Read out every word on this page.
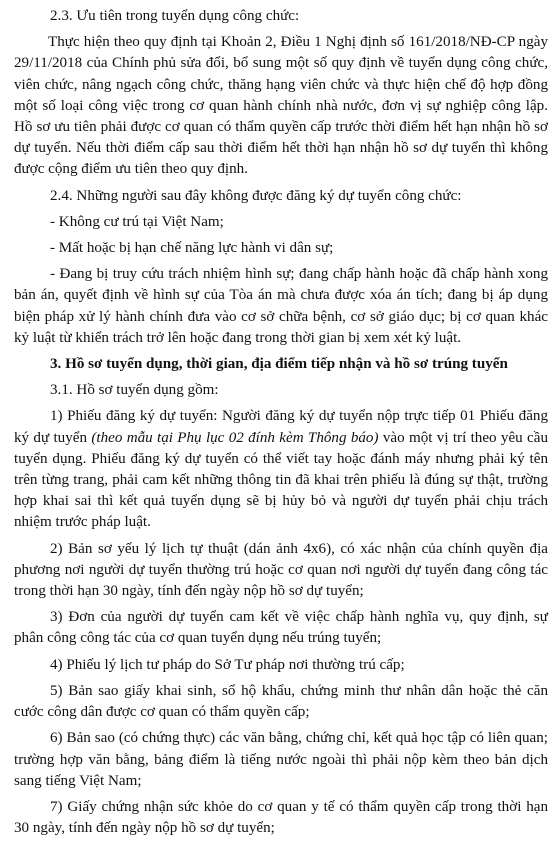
2.3. Ưu tiên trong tuyển dụng công chức:

Thực hiện theo quy định tại Khoản 2, Điều 1 Nghị định số 161/2018/NĐ-CP ngày 29/11/2018 của Chính phủ sửa đổi, bổ sung một số quy định về tuyển dụng công chức, viên chức, nâng ngạch công chức, thăng hạng viên chức và thực hiện chế độ hợp đồng một số loại công việc trong cơ quan hành chính nhà nước, đơn vị sự nghiệp công lập. Hồ sơ ưu tiên phải được cơ quan có thẩm quyền cấp trước thời điểm hết hạn nhận hồ sơ dự tuyển. Nếu thời điểm cấp sau thời điểm hết thời hạn nhận hồ sơ dự tuyển thì không được cộng điểm ưu tiên theo quy định.

2.4. Những người sau đây không được đăng ký dự tuyển công chức:

- Không cư trú tại Việt Nam;

- Mất hoặc bị hạn chế năng lực hành vi dân sự;

- Đang bị truy cứu trách nhiệm hình sự; đang chấp hành hoặc đã chấp hành xong bản án, quyết định về hình sự của Tòa án mà chưa được xóa án tích; đang bị áp dụng biện pháp xử lý hành chính đưa vào cơ sở chữa bệnh, cơ sở giáo dục; bị cơ quan khác kỷ luật từ khiển trách trở lên hoặc đang trong thời gian bị xem xét kỷ luật.

3. Hồ sơ tuyển dụng, thời gian, địa điểm tiếp nhận và hồ sơ trúng tuyển

3.1. Hồ sơ tuyển dụng gồm:

1) Phiếu đăng ký dự tuyển: Người đăng ký dự tuyển nộp trực tiếp 01 Phiếu đăng ký dự tuyển (theo mẫu tại Phụ lục 02 đính kèm Thông báo) vào một vị trí theo yêu cầu tuyển dụng. Phiếu đăng ký dự tuyển có thể viết tay hoặc đánh máy nhưng phải ký tên trên từng trang, phải cam kết những thông tin đã khai trên phiếu là đúng sự thật, trường hợp khai sai thì kết quả tuyển dụng sẽ bị hủy bỏ và người dự tuyển phải chịu trách nhiệm trước pháp luật.

2) Bản sơ yếu lý lịch tự thuật (dán ảnh 4x6), có xác nhận của chính quyền địa phương nơi người dự tuyển thường trú hoặc cơ quan nơi người dự tuyển đang công tác trong thời hạn 30 ngày, tính đến ngày nộp hồ sơ dự tuyển;

3) Đơn của người dự tuyển cam kết về việc chấp hành nghĩa vụ, quy định, sự phân công công tác của cơ quan tuyển dụng nếu trúng tuyển;

4) Phiếu lý lịch tư pháp do Sở Tư pháp nơi thường trú cấp;

5) Bản sao giấy khai sinh, sổ hộ khẩu, chứng minh thư nhân dân hoặc thẻ căn cước công dân được cơ quan có thẩm quyền cấp;

6) Bản sao (có chứng thực) các văn bằng, chứng chỉ, kết quả học tập có liên quan; trường hợp văn bằng, bảng điểm là tiếng nước ngoài thì phải nộp kèm theo bản dịch sang tiếng Việt Nam;

7) Giấy chứng nhận sức khỏe do cơ quan y tế có thẩm quyền cấp trong thời hạn 30 ngày, tính đến ngày nộp hồ sơ dự tuyển;
